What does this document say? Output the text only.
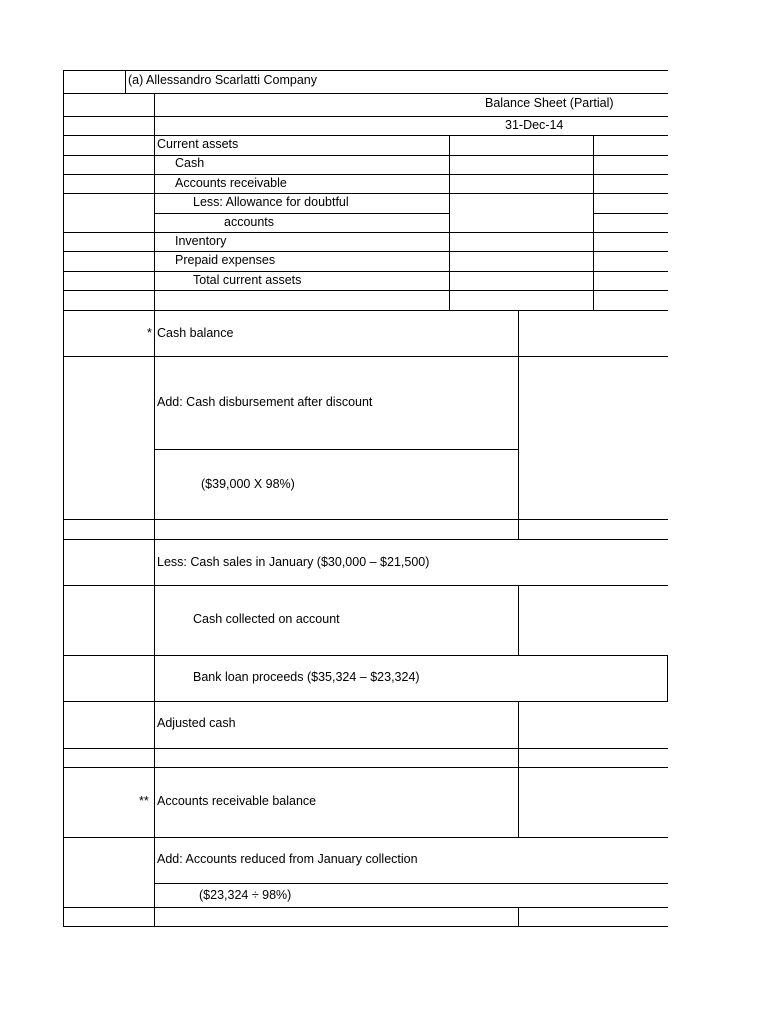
(a) Allessandro Scarlatti Company
Balance Sheet (Partial)
31-Dec-14
Current assets
Cash
Accounts receivable
Less: Allowance for doubtful
accounts
Inventory
Prepaid expenses
Total current assets
* Cash balance
Add: Cash disbursement after discount
($39,000 X 98%)
Less: Cash sales in January ($30,000 – $21,500)
Cash collected on account
Bank loan proceeds ($35,324 – $23,324)
Adjusted cash
** Accounts receivable balance
Add: Accounts reduced from January collection
($23,324 ÷ 98%)
